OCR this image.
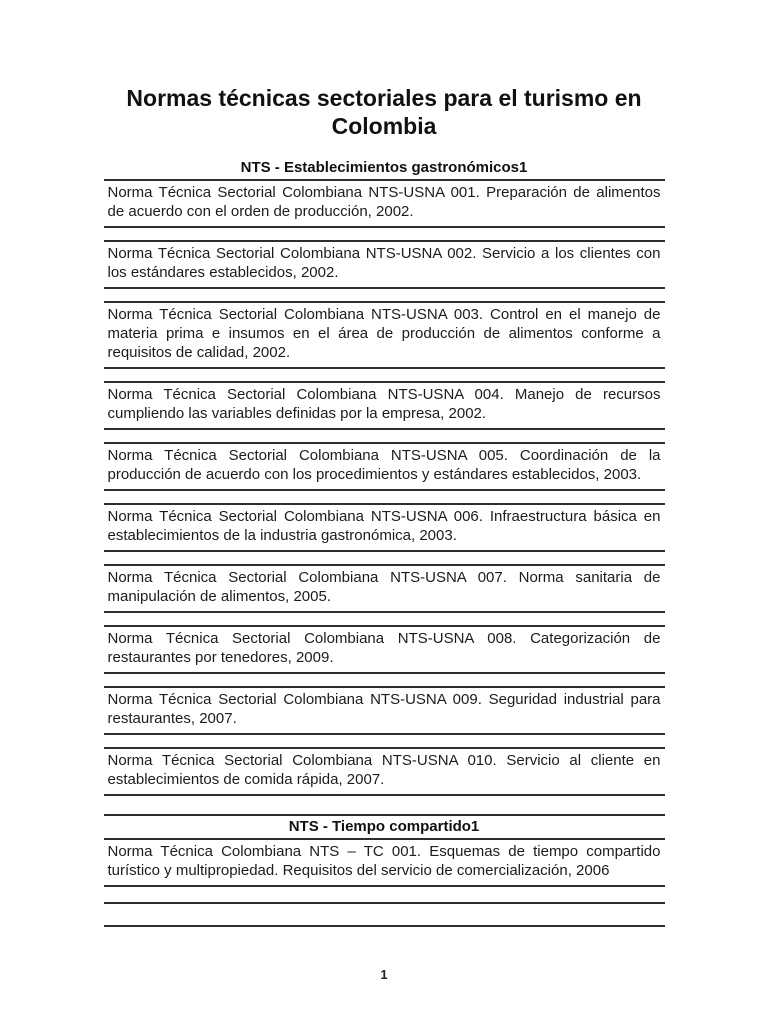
Normas técnicas sectoriales para el turismo en
Colombia
NTS - Establecimientos gastronómicos1
Norma Técnica Sectorial Colombiana NTS-USNA 001. Preparación de alimentos de acuerdo con el orden de producción, 2002.
Norma Técnica Sectorial Colombiana NTS-USNA 002. Servicio a los clientes con los estándares establecidos, 2002.
Norma Técnica Sectorial Colombiana NTS-USNA 003. Control en el manejo de materia prima e insumos en el área de producción de alimentos conforme a requisitos de calidad, 2002.
Norma Técnica Sectorial Colombiana NTS-USNA 004. Manejo de recursos cumpliendo las variables definidas por la empresa, 2002.
Norma Técnica Sectorial Colombiana NTS-USNA 005. Coordinación de la producción de acuerdo con los procedimientos y estándares establecidos, 2003.
Norma Técnica Sectorial Colombiana NTS-USNA 006. Infraestructura básica en establecimientos de la industria gastronómica, 2003.
Norma Técnica Sectorial Colombiana NTS-USNA 007. Norma sanitaria de manipulación de alimentos, 2005.
Norma Técnica Sectorial Colombiana NTS-USNA 008. Categorización de restaurantes por tenedores, 2009.
Norma Técnica Sectorial Colombiana NTS-USNA 009. Seguridad industrial para restaurantes, 2007.
Norma Técnica Sectorial Colombiana NTS-USNA 010. Servicio al cliente en establecimientos de comida rápida, 2007.
NTS - Tiempo compartido1
Norma Técnica Colombiana NTS – TC 001. Esquemas de tiempo compartido turístico y multipropiedad. Requisitos del servicio de comercialización, 2006
1
